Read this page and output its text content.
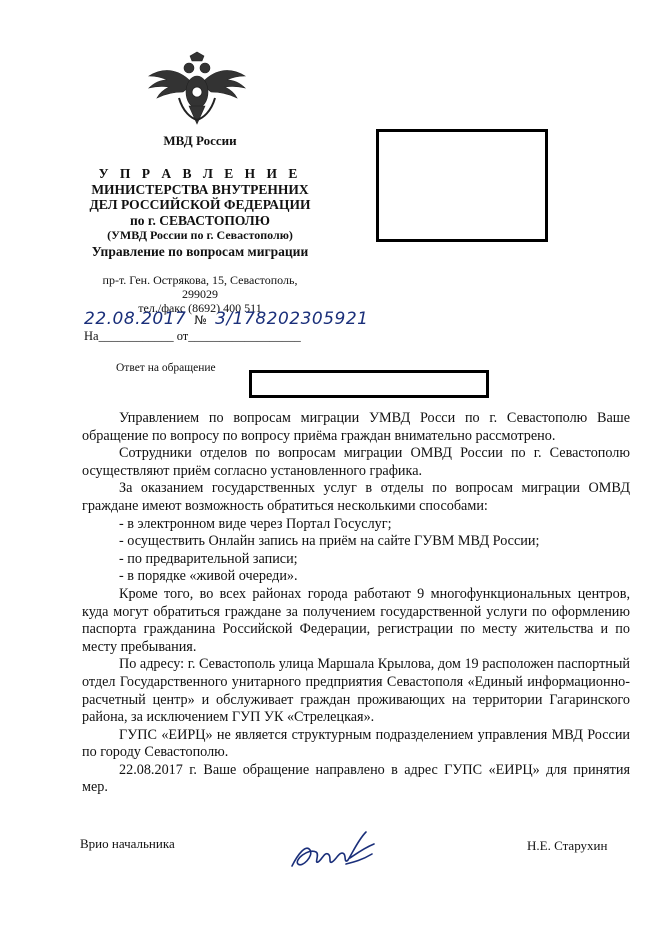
МВД России
У П Р А В Л Е Н И Е
МИНИСТЕРСТВА ВНУТРЕННИХ
ДЕЛ РОССИЙСКОЙ ФЕДЕРАЦИИ
по г. СЕВАСТОПОЛЮ
(УМВД России по г. Севастополю)
Управление по вопросам миграции
пр-т. Ген. Острякова, 15, Севастополь,
299029
тел./факс (8692) 400 511
22.08.2017 № 3/178202305921
На____________ от__________________
Ответ на обращение

Управлением по вопросам миграции УМВД Росси по г. Севастополю Ваше обращение по вопросу по вопросу приёма граждан внимательно рассмотрено.

Сотрудники отделов по вопросам миграции ОМВД России по г. Севастополю осуществляют приём согласно установленного графика.

За оказанием государственных услуг в отделы по вопросам миграции ОМВД граждане имеют возможность обратиться несколькими способами:

- в электронном виде через Портал Госуслуг;

- осуществить Онлайн запись на приём на сайте ГУВМ МВД России;

- по предварительной записи;

- в порядке «живой очереди».

Кроме того, во всех районах города работают 9 многофункциональных центров, куда могут обратиться граждане за получением государственной услуги по оформлению паспорта гражданина Российской Федерации, регистрации по месту жительства и по месту пребывания.

По адресу: г. Севастополь улица Маршала Крылова, дом 19 расположен паспортный отдел Государственного унитарного предприятия Севастополя «Единый информационно-расчетный центр» и обслуживает граждан проживающих на территории Гагаринского района, за исключением ГУП УК «Стрелецкая».

ГУПС «ЕИРЦ» не является структурным подразделением управления МВД России по городу Севастополю.

22.08.2017 г. Ваше обращение направлено в адрес ГУПС «ЕИРЦ» для принятия мер.

Врио начальника	Н.Е. Старухин
